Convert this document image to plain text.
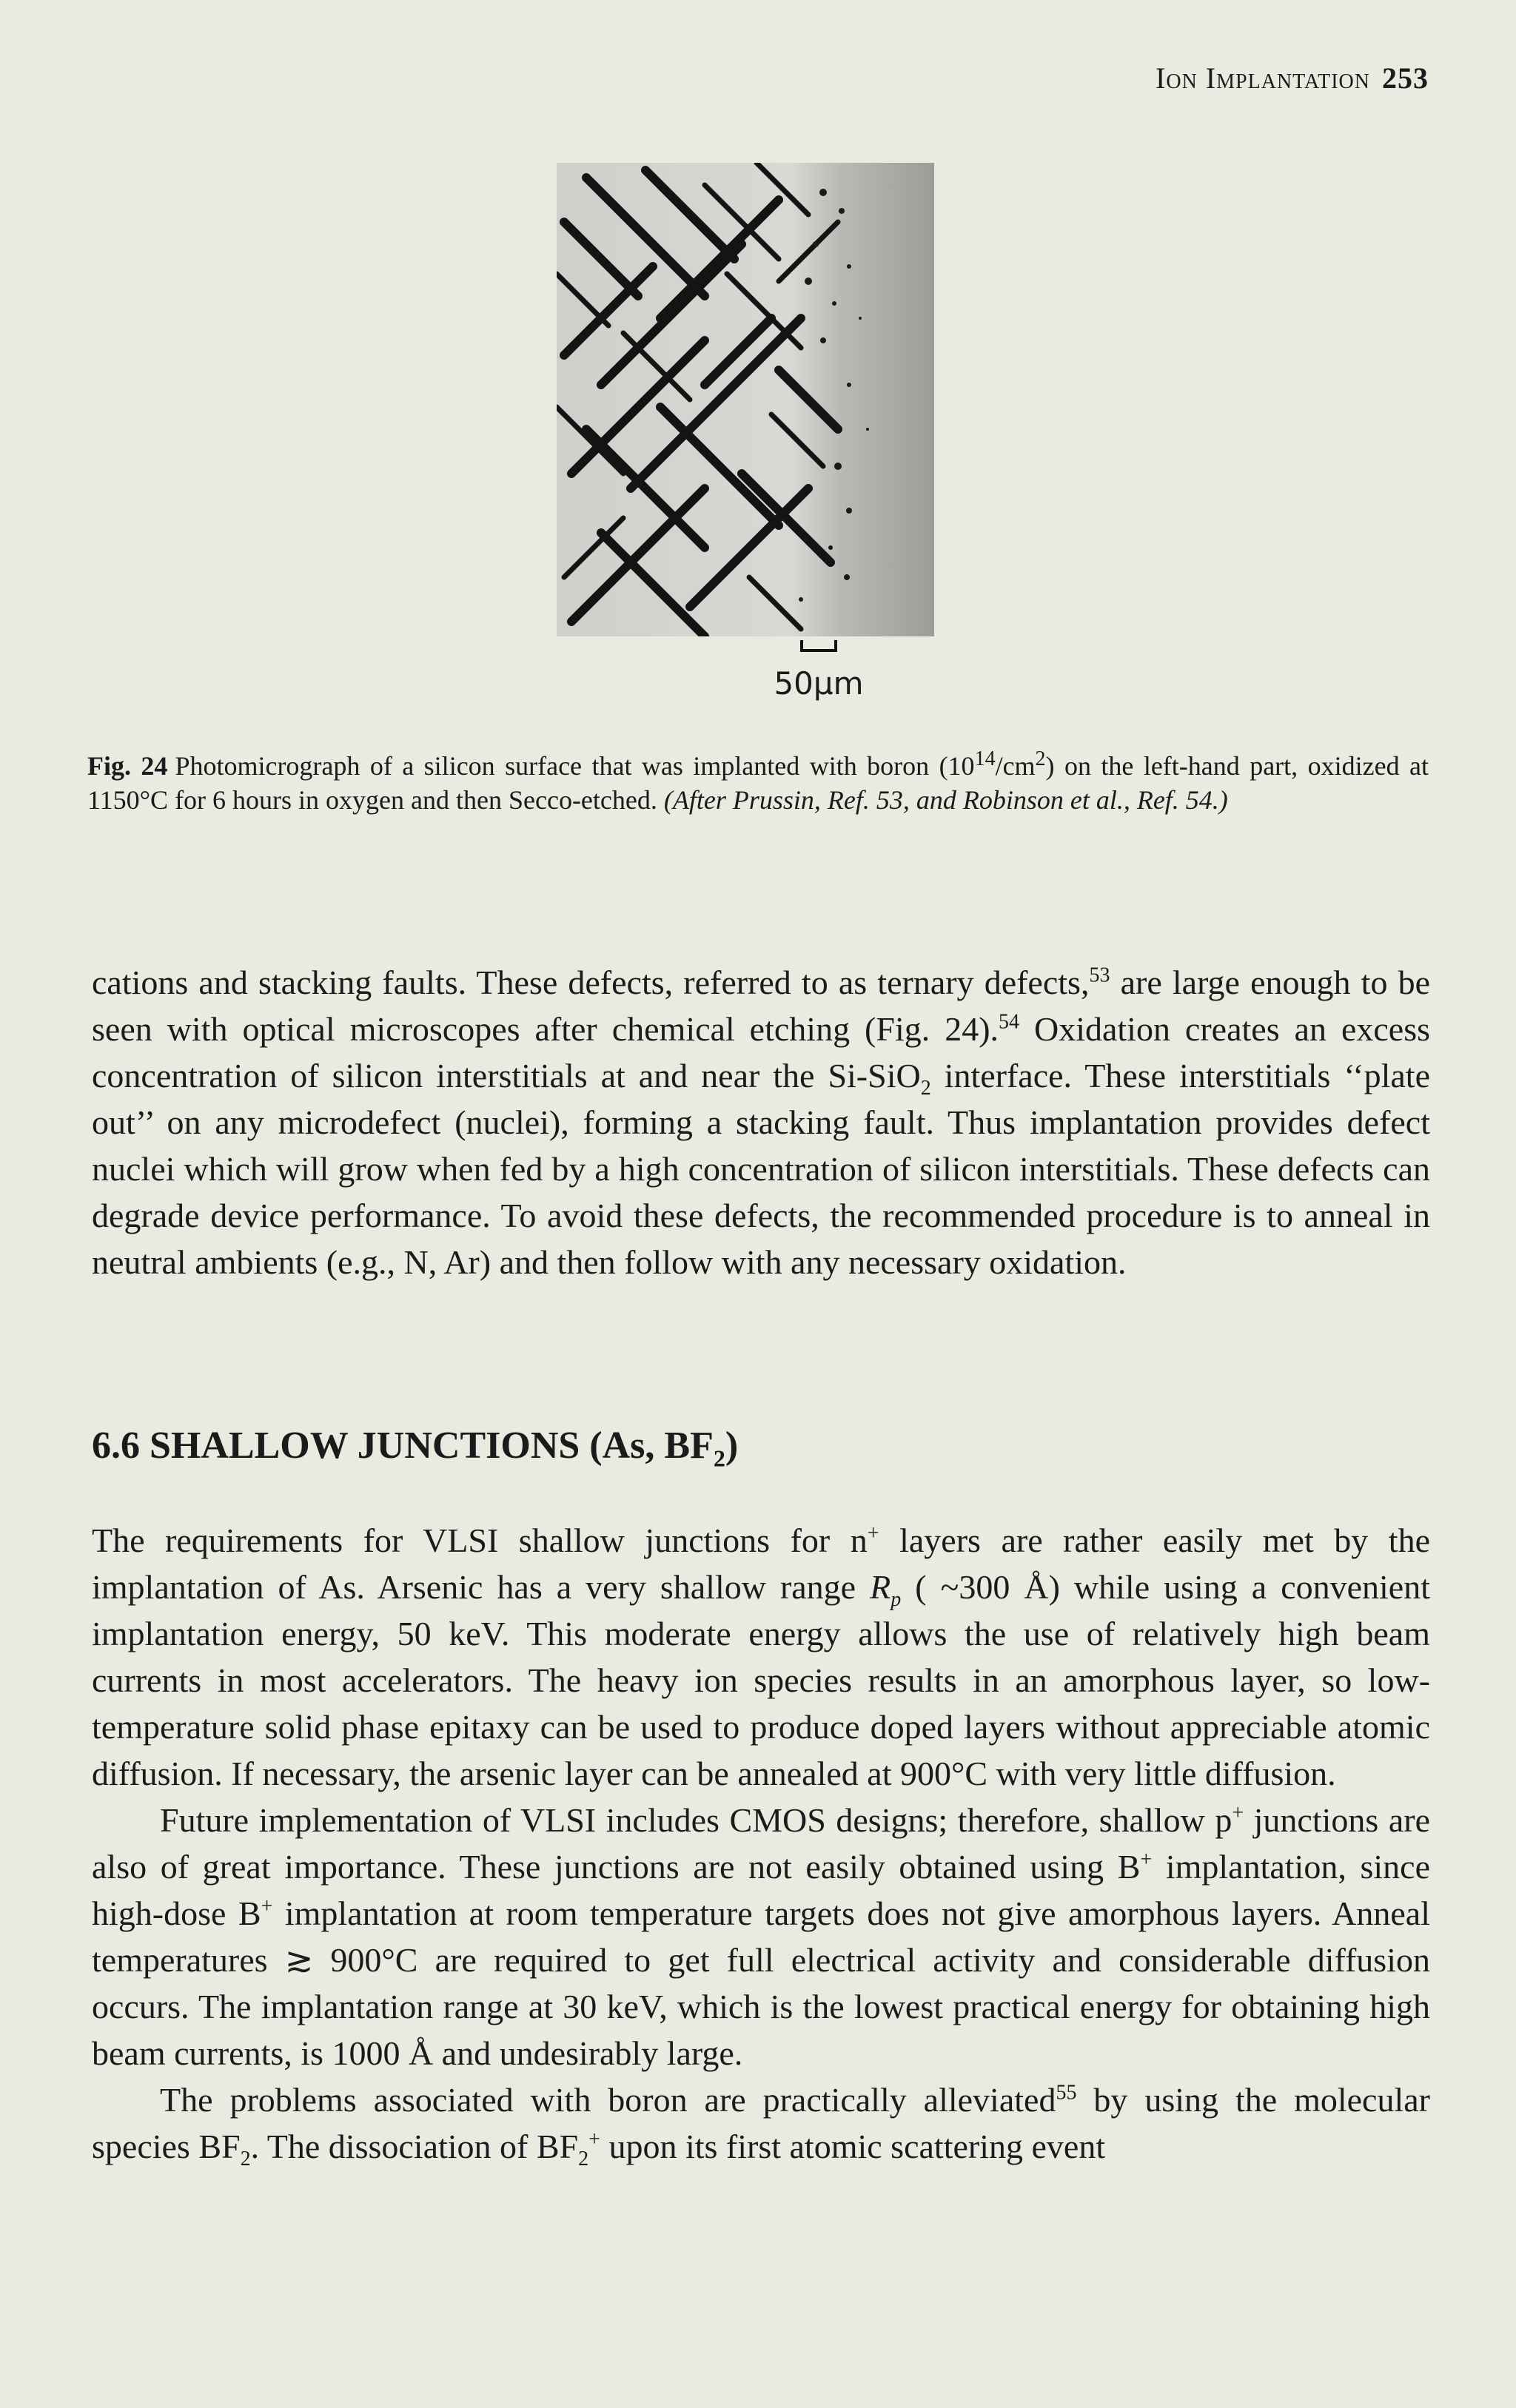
Ion Implantation 253
50μm
Fig. 24 Photomicrograph of a silicon surface that was implanted with boron $(10^{14}/cm^2)$ on the left-hand part, oxidized at 1150°C for 6 hours in oxygen and then Secco-etched. (After Prussin, Ref. 53, and Robinson et al., Ref. 54.)

cations and stacking faults. These defects, referred to as ternary defects,$^{53}$ are large enough to be seen with optical microscopes after chemical etching (Fig. 24).$^{54}$ Oxidation creates an excess concentration of silicon interstitials at and near the Si-SiO$_2$ interface. These interstitials ‘‘plate out’’ on any microdefect (nuclei), forming a stacking fault. Thus implantation provides defect nuclei which will grow when fed by a high concentration of silicon interstitials. These defects can degrade device performance. To avoid these defects, the recommended procedure is to anneal in neutral ambients (e.g., N, Ar) and then follow with any necessary oxidation.

6.6 SHALLOW JUNCTIONS (As, $BF_2$)

The requirements for VLSI shallow junctions for n+ layers are rather easily met by the implantation of As. Arsenic has a very shallow range $R_p$ ( ~300 Å) while using a convenient implantation energy, 50 keV. This moderate energy allows the use of relatively high beam currents in most accelerators. The heavy ion species results in an amorphous layer, so low-temperature solid phase epitaxy can be used to produce doped layers without appreciable atomic diffusion. If necessary, the arsenic layer can be annealed at 900°C with very little diffusion.

Future implementation of VLSI includes CMOS designs; therefore, shallow p+ junctions are also of great importance. These junctions are not easily obtained using B+ implantation, since high-dose B+ implantation at room temperature targets does not give amorphous layers. Anneal temperatures ≳ 900°C are required to get full electrical activity and considerable diffusion occurs. The implantation range at 30 keV, which is the lowest practical energy for obtaining high beam currents, is 1000 Å and undesirably large.

The problems associated with boron are practically alleviated$^{55}$ by using the molecular species $BF_2$. The dissociation of $BF_2^+$ upon its first atomic scattering event
